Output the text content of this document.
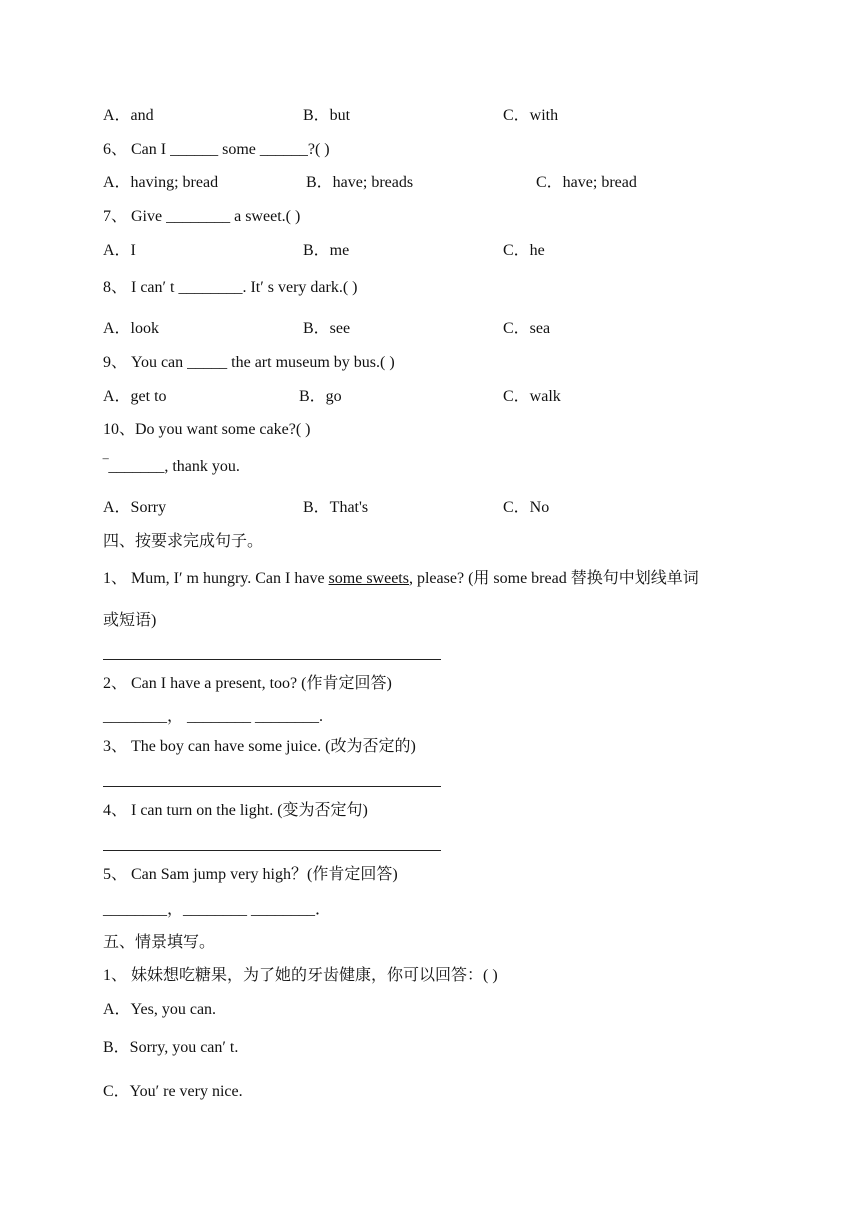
A．and	B．but	C．with
6、 Can I ______ some ______?( )
A．having; bread	B．have; breads	C．have; bread
7、 Give ________ a sweet.( )
A．I	B．me	C．he
8、 I can′ t ________. It′ s very dark.( )
A．look	B．see	C．sea
9、 You can _____ the art museum by bus.( )
A．get to	B．go	C．walk
10、Do you want some cake?( )
‾_______, thank you.
A．Sorry	B．That's	C．No
四、按要求完成句子。
1、 Mum, I′ m hungry. Can I have some sweets, please? (用 some bread 替换句中划线单词
或短语)
2、 Can I have a present, too? (作肯定回答)
________， ________ ________.
3、 The boy can have some juice. (改为否定的)
4、 I can turn on the light. (变为否定句)
5、 Can Sam jump very high？(作肯定回答)
________，________ ________．
五、情景填写。
1、 妹妹想吃糖果，为了她的牙齿健康，你可以回答：( )
A．Yes, you can.
B．Sorry, you can′ t.
C．You′ re very nice.
